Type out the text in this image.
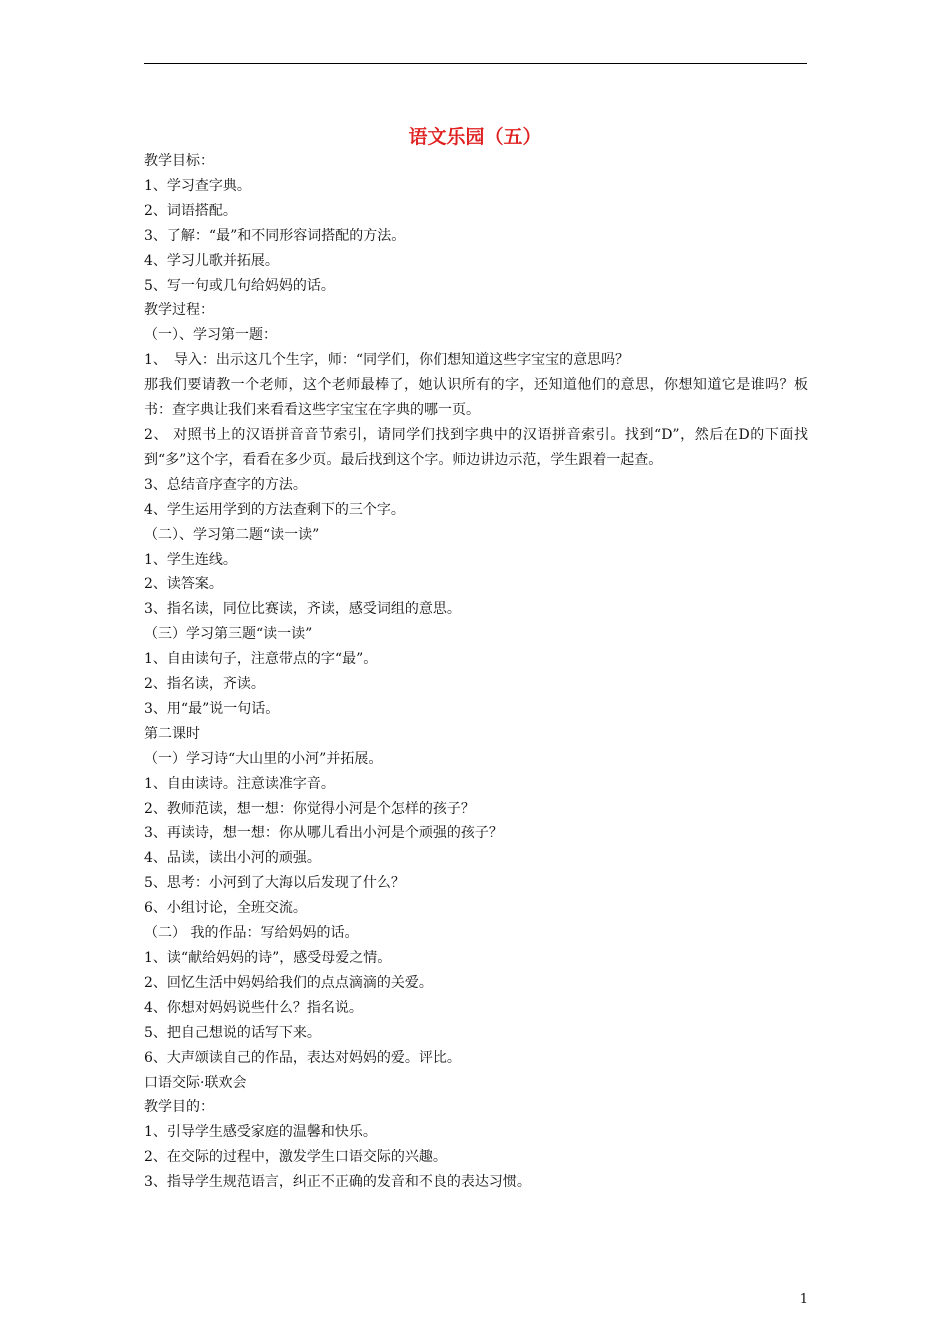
语文乐园（五）
教学目标：
1、学习查字典。
2、词语搭配。
3、了解：“最”和不同形容词搭配的方法。
4、学习儿歌并拓展。
5、写一句或几句给妈妈的话。
教学过程：
（一）、学习第一题：
1、　导入：出示这几个生字，师：“同学们，你们想知道这些字宝宝的意思吗？
那我们要请教一个老师，这个老师最棒了，她认识所有的字，还知道他们的意思，你想知道它是谁吗？板书：查字典让我们来看看这些字宝宝在字典的哪一页。
2、 对照书上的汉语拼音音节索引，请同学们找到字典中的汉语拼音索引。找到“D”，然后在D的下面找到“多”这个字，看看在多少页。最后找到这个字。师边讲边示范，学生跟着一起查。
3、总结音序查字的方法。
4、学生运用学到的方法查剩下的三个字。
（二）、学习第二题“读一读”
1、学生连线。
2、读答案。
3、指名读，同位比赛读，齐读，感受词组的意思。
（三）学习第三题“读一读”
1、自由读句子，注意带点的字“最”。
2、指名读，齐读。
3、用“最”说一句话。
第二课时
（一）学习诗“大山里的小河”并拓展。
1、自由读诗。注意读准字音。
2、教师范读，想一想：你觉得小河是个怎样的孩子？
3、再读诗，想一想：你从哪儿看出小河是个顽强的孩子？
4、品读，读出小河的顽强。
5、思考：小河到了大海以后发现了什么？
6、小组讨论，全班交流。
（二） 我的作品：写给妈妈的话。
1、读“献给妈妈的诗”，感受母爱之情。
2、回忆生活中妈妈给我们的点点滴滴的关爱。
4、你想对妈妈说些什么？指名说。
5、把自己想说的话写下来。
6、大声颂读自己的作品，表达对妈妈的爱。评比。
口语交际·联欢会
教学目的：
1、引导学生感受家庭的温馨和快乐。
2、在交际的过程中，激发学生口语交际的兴趣。
3、指导学生规范语言，纠正不正确的发音和不良的表达习惯。
1
